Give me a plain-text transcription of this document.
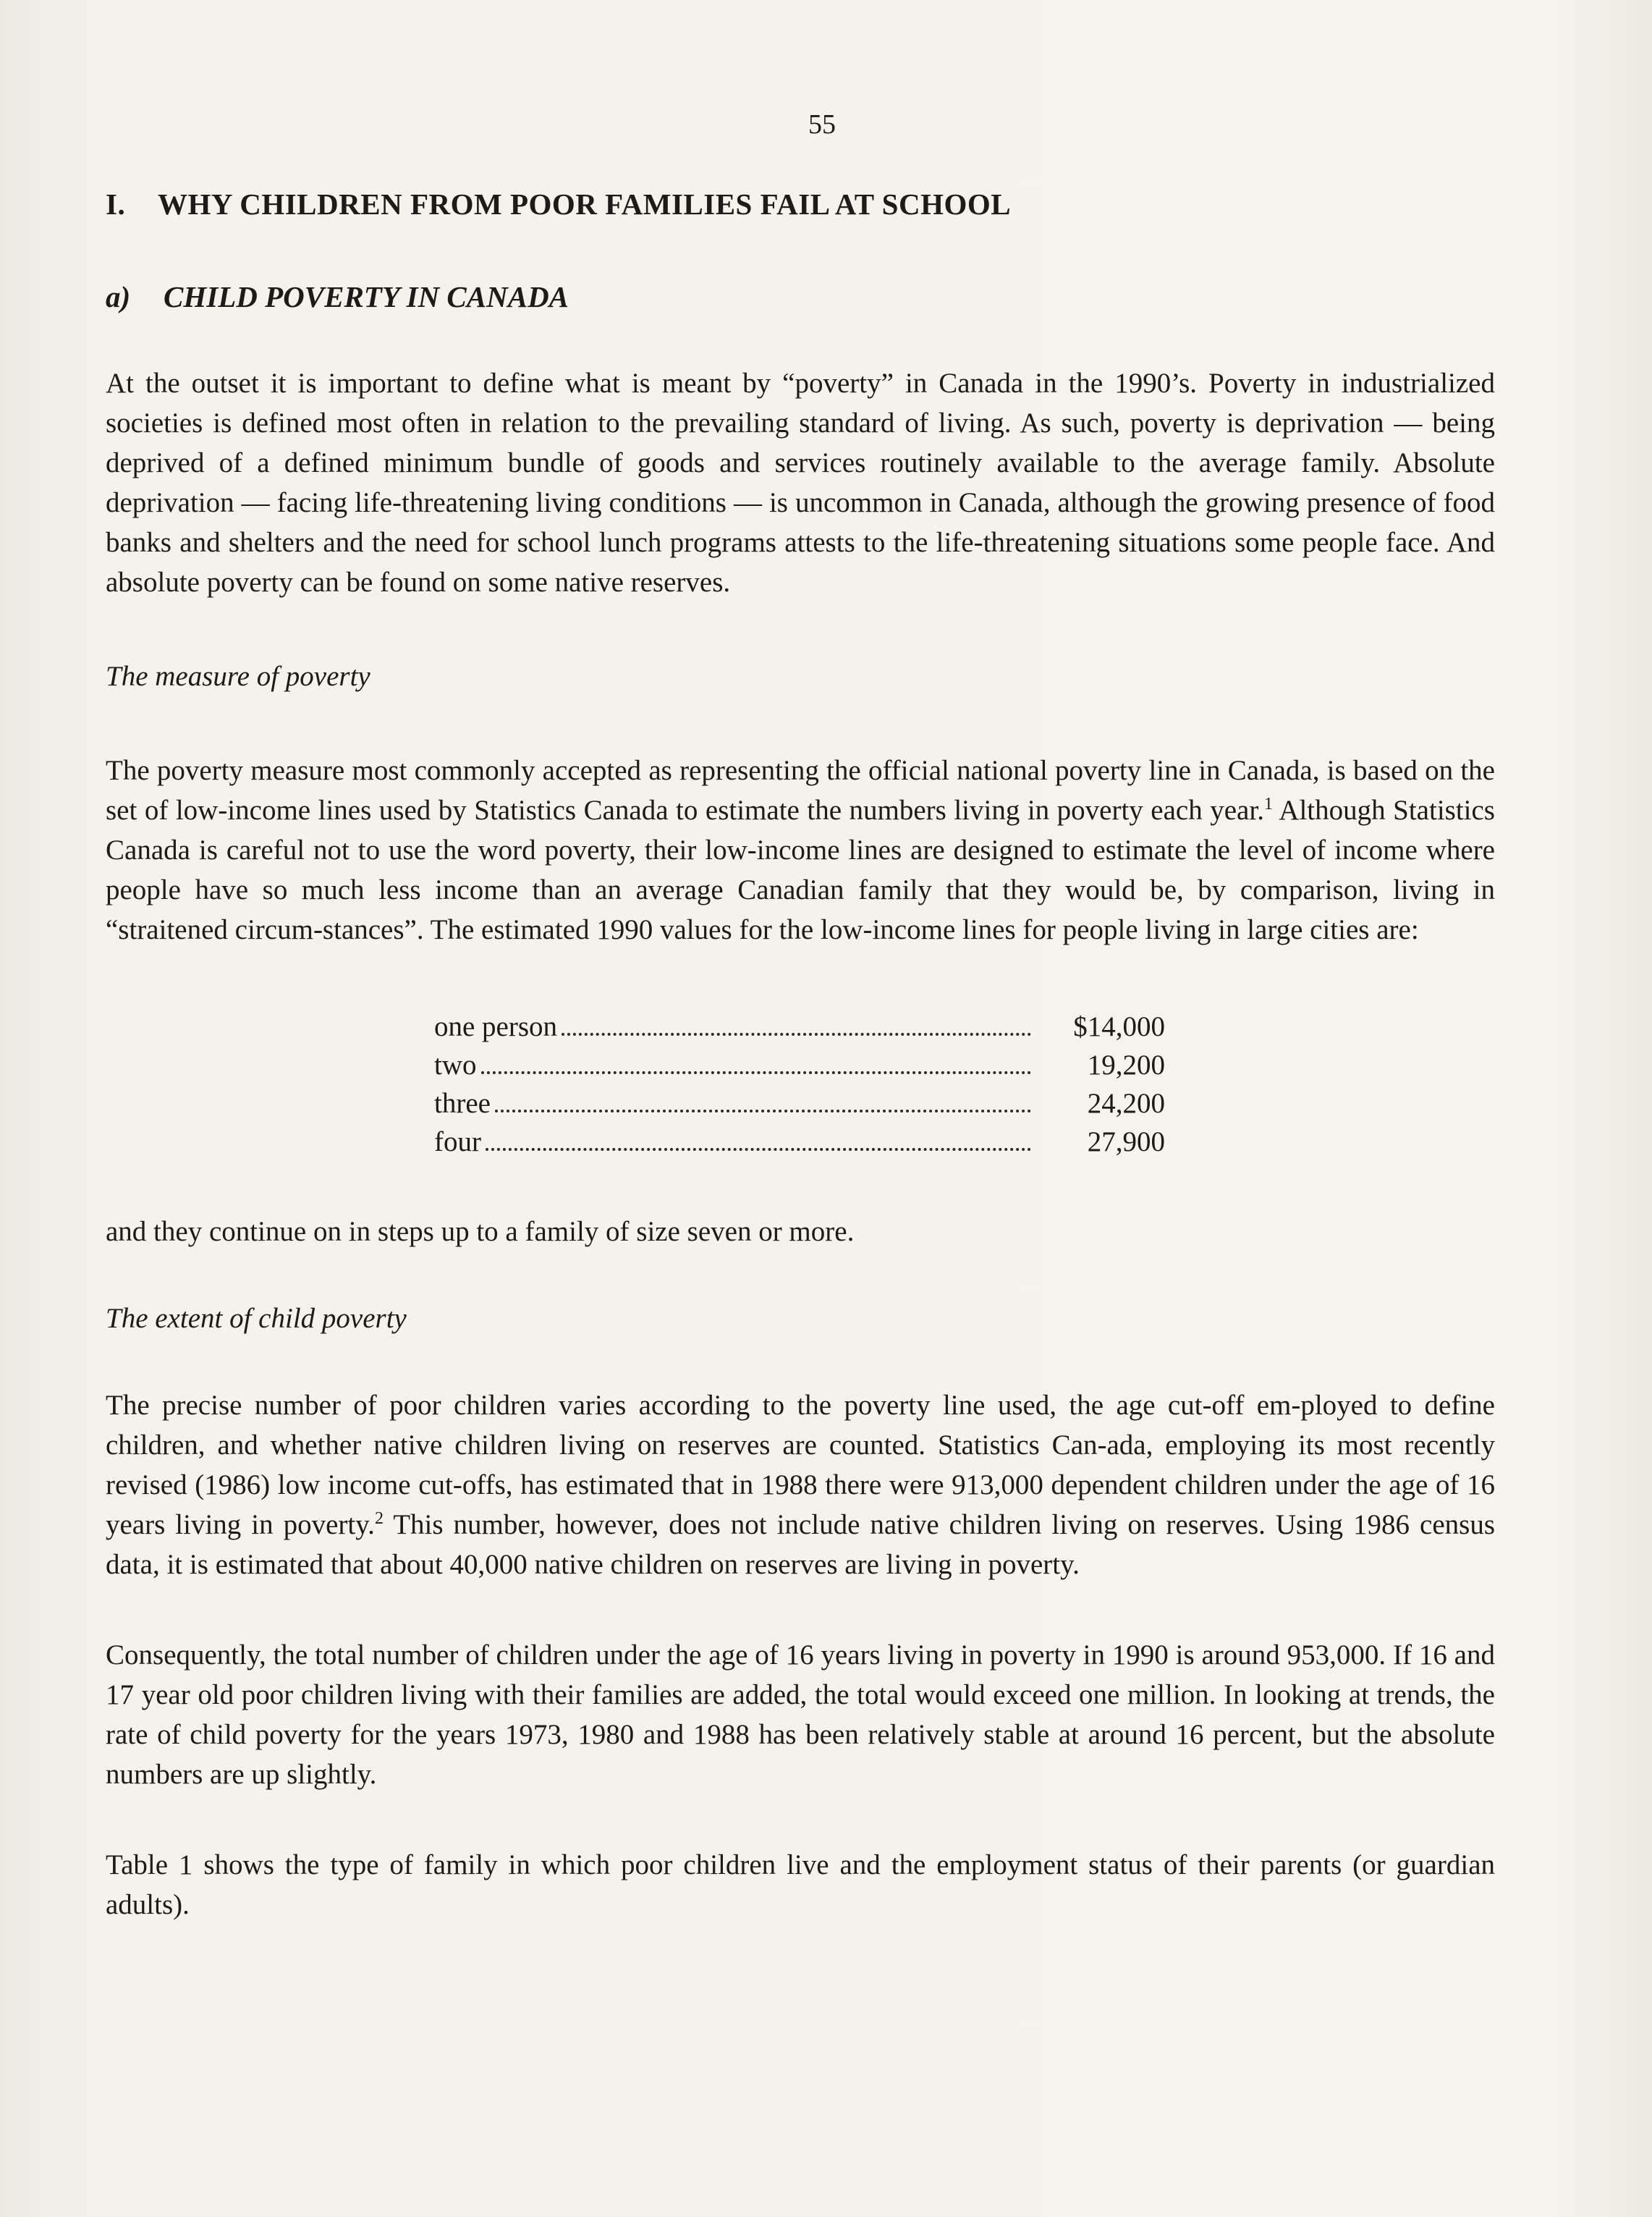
55
I. WHY CHILDREN FROM POOR FAMILIES FAIL AT SCHOOL
a) CHILD POVERTY IN CANADA

At the outset it is important to define what is meant by “poverty” in Canada in the 1990’s. Poverty in industrialized societies is defined most often in relation to the prevailing standard of living. As such, poverty is deprivation — being deprived of a defined minimum bundle of goods and services routinely available to the average family. Absolute deprivation — facing life-threatening living conditions — is uncommon in Canada, although the growing presence of food banks and shelters and the need for school lunch programs attests to the life-threatening situations some people face. And absolute poverty can be found on some native reserves.

The measure of poverty

The poverty measure most commonly accepted as representing the official national poverty line in Canada, is based on the set of low-income lines used by Statistics Canada to estimate the numbers living in poverty each year.$^1$ Although Statistics Canada is careful not to use the word poverty, their low-income lines are designed to estimate the level of income where people have so much less income than an average Canadian family that they would be, by comparison, living in “straitened circum-stances”. The estimated 1990 values for the low-income lines for people living in large cities are:

one person	$14,000
two	19,200
three	24,200
four	27,900

and they continue on in steps up to a family of size seven or more.

The extent of child poverty

The precise number of poor children varies according to the poverty line used, the age cut-off em-ployed to define children, and whether native children living on reserves are counted. Statistics Can-ada, employing its most recently revised (1986) low income cut-offs, has estimated that in 1988 there were 913,000 dependent children under the age of 16 years living in poverty.$^2$ This number, however, does not include native children living on reserves. Using 1986 census data, it is estimated that about 40,000 native children on reserves are living in poverty.

Consequently, the total number of children under the age of 16 years living in poverty in 1990 is around 953,000. If 16 and 17 year old poor children living with their families are added, the total would exceed one million. In looking at trends, the rate of child poverty for the years 1973, 1980 and 1988 has been relatively stable at around 16 percent, but the absolute numbers are up slightly.

Table 1 shows the type of family in which poor children live and the employment status of their parents (or guardian adults).
